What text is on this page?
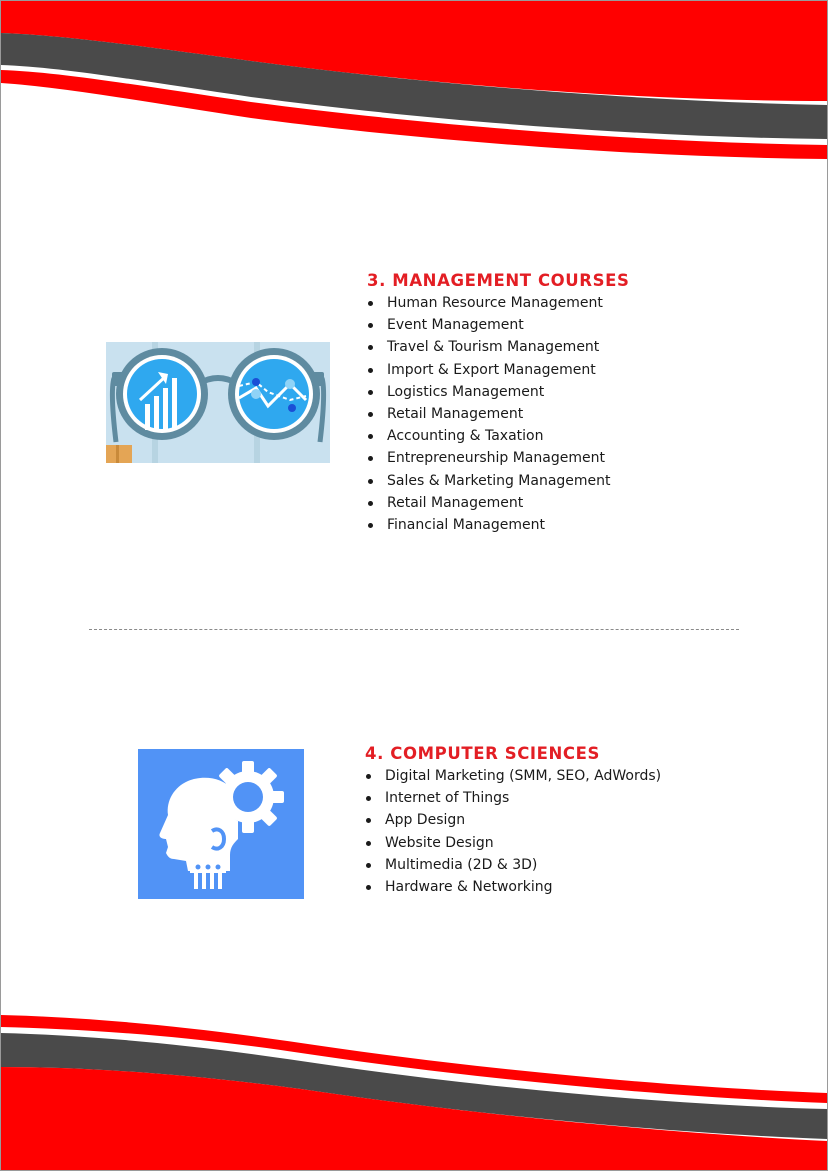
3. MANAGEMENT COURSES
Human Resource Management
Event Management
Travel & Tourism Management
Import & Export Management
Logistics Management
Retail Management
Accounting & Taxation
Entrepreneurship Management
Sales & Marketing Management
Retail Management
Financial Management
4. COMPUTER SCIENCES
Digital Marketing (SMM, SEO, AdWords)
Internet of Things
App Design
Website Design
Multimedia (2D & 3D)
Hardware & Networking
